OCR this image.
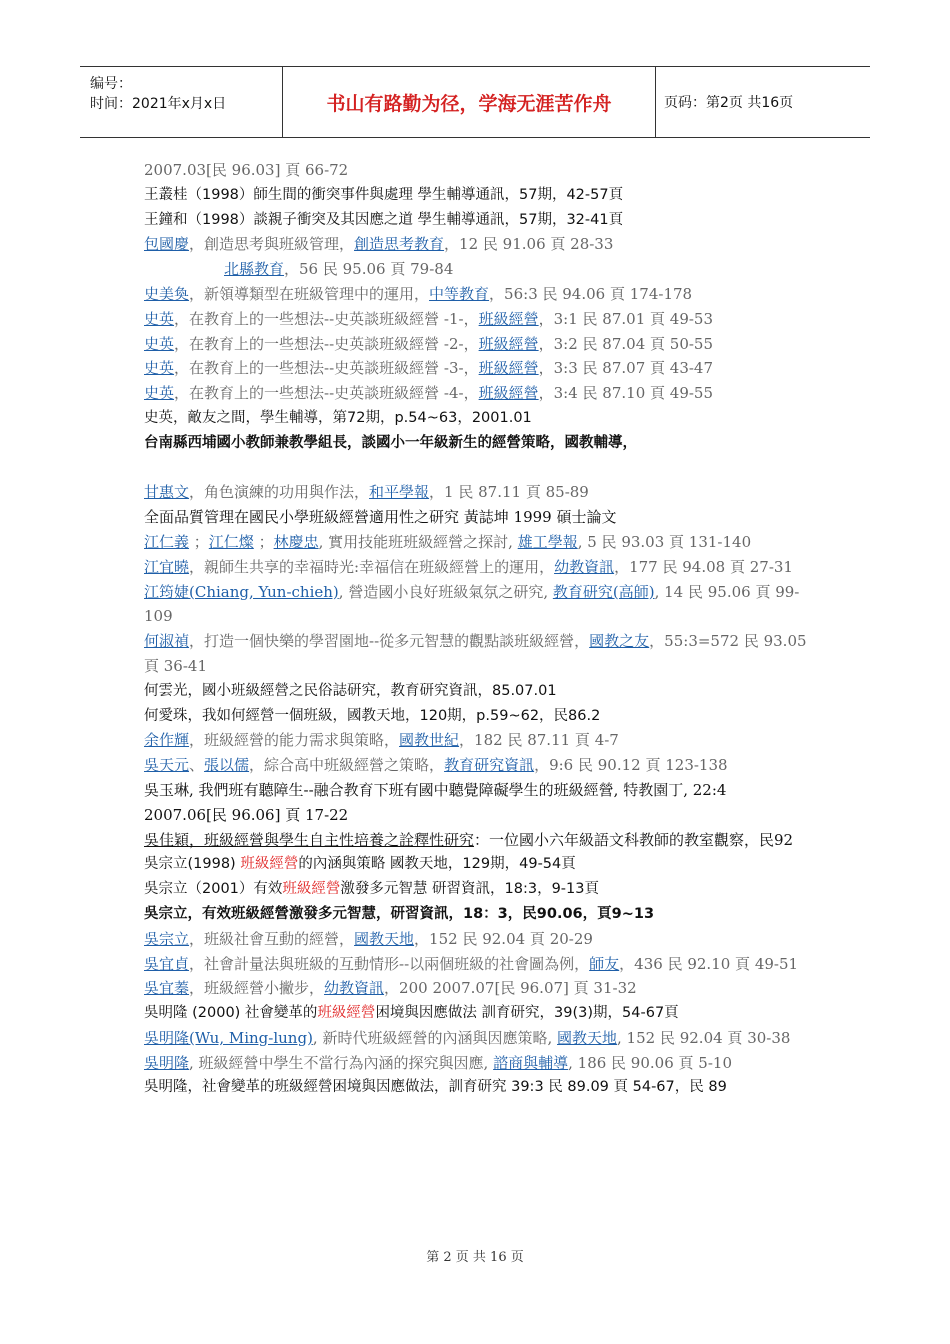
编号：
时间：2021年x月x日	书山有路勤为径，学海无涯苦作舟	页码：第2页 共16页
2007.03[民 96.03] 頁 66-72
王叢桂（1998）師生間的衝突事件與處理 學生輔導通訊，57期，42-57頁
王鐘和（1998）談親子衝突及其因應之道 學生輔導通訊，57期，32-41頁
包國慶，創造思考與班級管理，創造思考教育，12 民 91.06 頁 28-33
北縣教育，56 民 95.06 頁 79-84
史美奐，新領導類型在班級管理中的運用，中等教育，56:3 民 94.06 頁 174-178
史英，在教育上的一些想法--史英談班級經營 -1-，班級經營，3:1 民 87.01 頁 49-53
史英，在教育上的一些想法--史英談班級經營 -2-，班級經營，3:2 民 87.04 頁 50-55
史英，在教育上的一些想法--史英談班級經營 -3-，班級經營，3:3 民 87.07 頁 43-47
史英，在教育上的一些想法--史英談班級經營 -4-，班級經營，3:4 民 87.10 頁 49-55
史英，敵友之間，學生輔導，第72期，p.54~63，2001.01
台南縣西埔國小教師兼教學組長，談國小一年級新生的經營策略，國教輔導，
甘惠文，角色演練的功用與作法，和平學報，1 民 87.11 頁 85-89
全面品質管理在國民小學班級經營適用性之研究 黃誌坤 1999 碩士論文
江仁義 ；江仁燦 ；林慶忠, 實用技能班班級經營之探討, 雄工學報, 5 民 93.03 頁 131-140
江宜曉，親師生共享的幸福時光:幸福信在班級經營上的運用，幼教資訊，177 民 94.08 頁 27-31
江筠婕(Chiang, Yun-chieh), 營造國小良好班級氣氛之研究, 教育研究(高師), 14 民 95.06 頁 99-109
何淑禎，打造一個快樂的學習園地--從多元智慧的觀點談班級經營，國教之友，55:3=572 民 93.05 頁 36-41
何雲光，國小班級經營之民俗誌研究，教育研究資訊，85.07.01
何愛珠，我如何經營一個班級，國教天地，120期，p.59~62，民86.2
余作輝，班級經營的能力需求與策略，國教世紀，182 民 87.11 頁 4-7
吳天元、張以儒，綜合高中班級經營之策略，教育研究資訊，9:6 民 90.12 頁 123-138
吳玉琳, 我們班有聽障生--融合教育下班有國中聽覺障礙學生的班級經營, 特教園丁, 22:4 2007.06[民 96.06] 頁 17-22
吳佳穎，班級經營與學生自主性培養之詮釋性研究：一位國小六年級語文科教師的教室觀察，民92
吳宗立(1998) 班級經營的內涵與策略 國教天地，129期，49-54頁
吳宗立（2001）有效班級經營激發多元智慧 研習資訊，18:3，9-13頁
吳宗立，有效班級經營激發多元智慧，研習資訊，18：3，民90.06，頁9~13
吳宗立，班級社會互動的經營，國教天地，152 民 92.04 頁 20-29
吳宜貞，社會計量法與班級的互動情形--以兩個班級的社會圖為例，師友，436 民 92.10 頁 49-51
吳宜蓁，班級經營小撇步，幼教資訊，200 2007.07[民 96.07] 頁 31-32
吳明隆 (2000) 社會變革的班級經營困境與因應做法 訓育研究，39(3)期，54-67頁
吳明隆(Wu, Ming-lung), 新時代班級經營的內涵與因應策略, 國教天地, 152 民 92.04 頁 30-38
吳明隆, 班級經營中學生不當行為內涵的探究與因應, 諮商與輔導, 186 民 90.06 頁 5-10
吳明隆，社會變革的班級經營困境與因應做法，訓育研究 39:3 民 89.09 頁 54-67，民 89
第 2 页 共 16 页
